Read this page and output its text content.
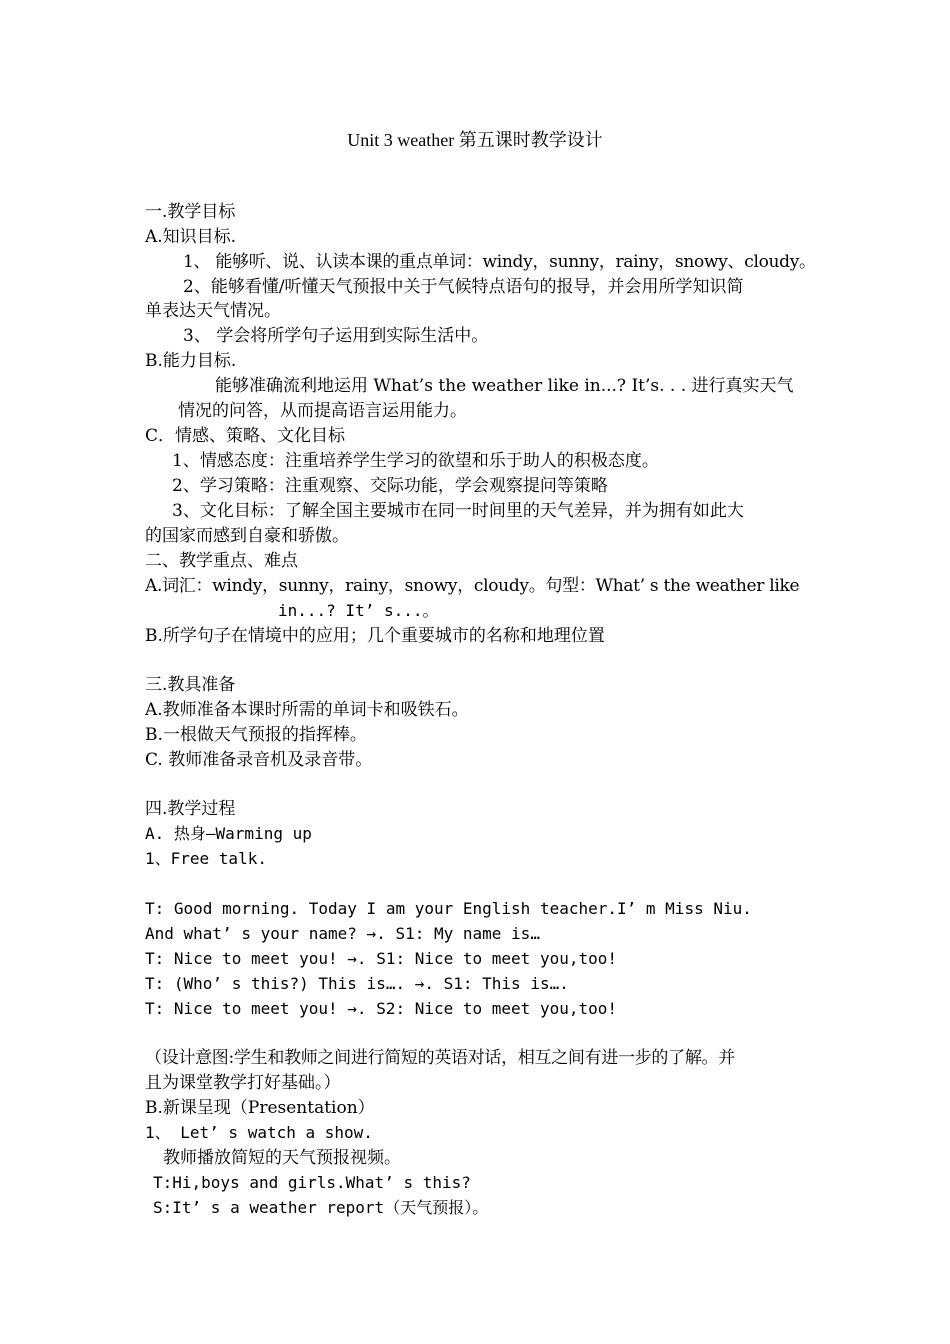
Unit 3 weather 第五课时教学设计
一.教学目标
A.知识目标.
1、 能够听、说、认读本课的重点单词：windy，sunny，rainy，snowy、cloudy。
2、能够看懂/听懂天气预报中关于气候特点语句的报导，并会用所学知识简
单表达天气情况。
3、 学会将所学句子运用到实际生活中。
B.能力目标.
能够准确流利地运用 What’s the weather like in...? It’s. . . 进行真实天气
情况的问答，从而提高语言运用能力。
C．情感、策略、文化目标
1、情感态度：注重培养学生学习的欲望和乐于助人的积极态度。
2、学习策略：注重观察、交际功能，学会观察提问等策略
3、文化目标：了解全国主要城市在同一时间里的天气差异，并为拥有如此大
的国家而感到自豪和骄傲。
二、教学重点、难点
A.词汇：windy，sunny，rainy，snowy，cloudy。句型：What’ s the weather like
in...? It’ s...。
B.所学句子在情境中的应用；几个重要城市的名称和地理位置
三.教具准备
A.教师准备本课时所需的单词卡和吸铁石。
B.一根做天气预报的指挥棒。
C. 教师准备录音机及录音带。
四.教学过程
A. 热身—Warming up
1、Free talk.
T: Good morning. Today I am your English teacher.I’ m Miss Niu.
And what’ s your name? →. S1: My name is…
T: Nice to meet you! →. S1: Nice to meet you,too!
T: (Who’ s this?) This is…. →. S1: This is….
T: Nice to meet you! →. S2: Nice to meet you,too!
（设计意图:学生和教师之间进行简短的英语对话，相互之间有进一步的了解。并
且为课堂教学打好基础。）
B.新课呈现（Presentation）
1、 Let’ s watch a show.
教师播放简短的天气预报视频。
T:Hi,boys and girls.What’ s this?
S:It’ s a weather report（天气预报）。
